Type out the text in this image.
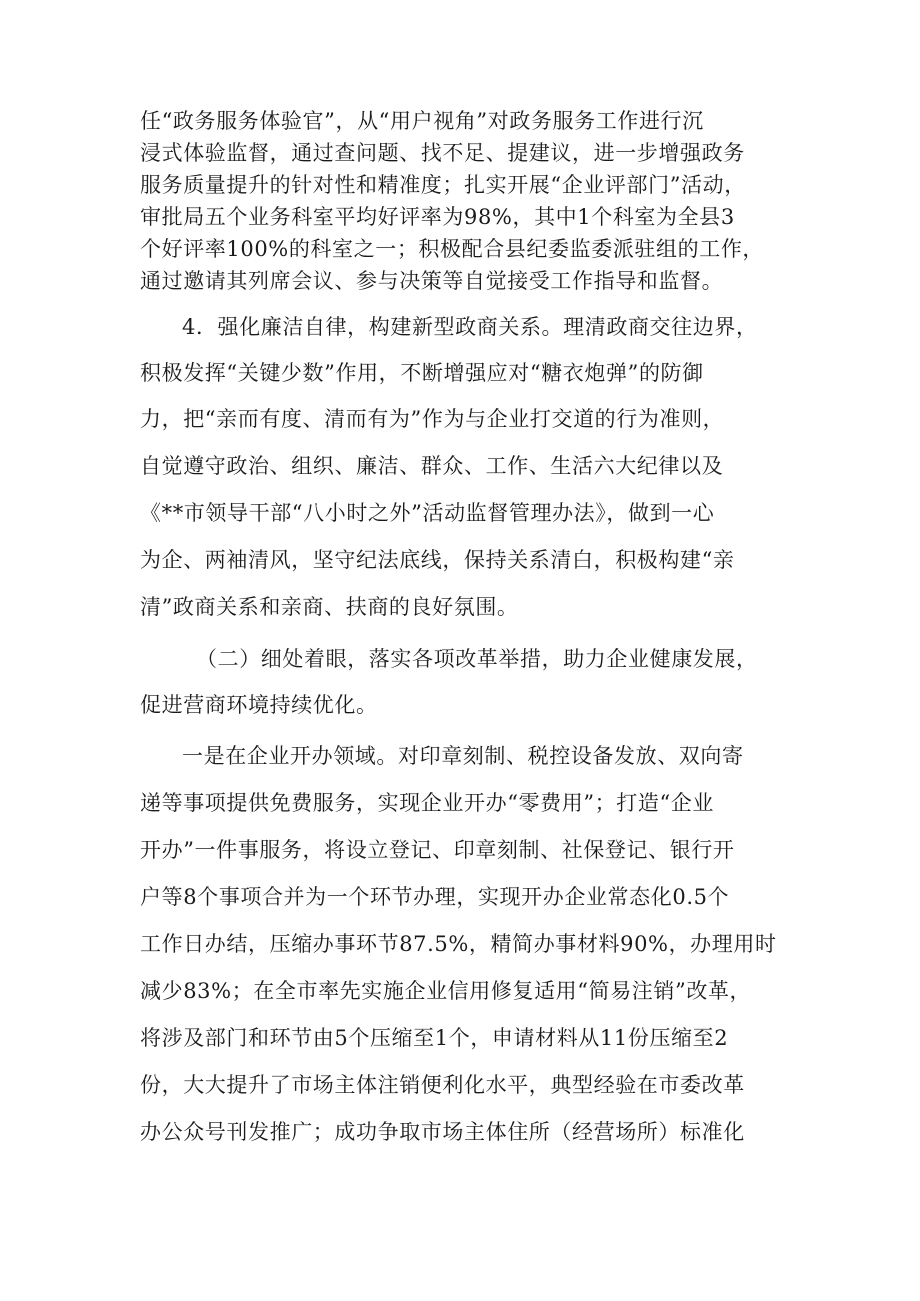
任“政务服务体验官”，从“用户视角”对政务服务工作进行沉
浸式体验监督，通过查问题、找不足、提建议，进一步增强政务
服务质量提升的针对性和精准度；扎实开展“企业评部门”活动，
审批局五个业务科室平均好评率为98%，其中1个科室为全县3
个好评率100%的科室之一；积极配合县纪委监委派驻组的工作，
通过邀请其列席会议、参与决策等自觉接受工作指导和监督。
4．强化廉洁自律，构建新型政商关系。理清政商交往边界，
积极发挥“关键少数”作用，不断增强应对“糖衣炮弹”的防御
力，把“亲而有度、清而有为”作为与企业打交道的行为准则，
自觉遵守政治、组织、廉洁、群众、工作、生活六大纪律以及
《**市领导干部“八小时之外”活动监督管理办法》，做到一心
为企、两袖清风，坚守纪法底线，保持关系清白，积极构建“亲
清”政商关系和亲商、扶商的良好氛围。
（二）细处着眼，落实各项改革举措，助力企业健康发展，
促进营商环境持续优化。
一是在企业开办领域。对印章刻制、税控设备发放、双向寄
递等事项提供免费服务，实现企业开办“零费用”；打造“企业
开办”一件事服务，将设立登记、印章刻制、社保登记、银行开
户等8个事项合并为一个环节办理，实现开办企业常态化0.5个
工作日办结，压缩办事环节87.5%，精简办事材料90%，办理用时
减少83%；在全市率先实施企业信用修复适用“简易注销”改革，
将涉及部门和环节由5个压缩至1个，申请材料从11份压缩至2
份，大大提升了市场主体注销便利化水平，典型经验在市委改革
办公众号刊发推广；成功争取市场主体住所（经营场所）标准化
